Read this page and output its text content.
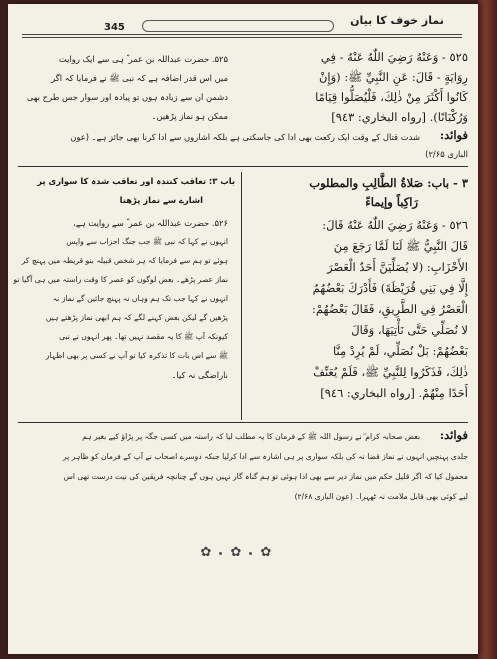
345
نماز خوف کا بیان
٥٢٥ - وَعَنْهُ رَضِيَ اللّٰهُ عَنْهُ - فِي
رِوَايَةٍ - قَالَ: عَنِ النَّبِيِّ ﷺ: (وَإِنْ
كَانُوا أَكْثَرَ مِنْ ذٰلِكَ، فَلْيُصَلُّوا قِيَامًا
وَرُكْبَانًا). [رواه البخاري: ٩٤٣]
۵۲۵. حضرت عبداللہ بن عمر ؓ ہی سے ایک روایت
میں اس قدر اضافہ ہے کہ نبی ﷺ نے فرمایا کہ اگر
دشمن ان سے زیادہ ہوں تو پیادہ اور سوار جس طرح بھی
ممکن ہو نماز پڑھیں۔
فوائد:
شدت قتال کے وقت ایک رکعت بھی ادا کی جاسکتی ہے بلکہ اشاروں سے ادا کرنا بھی جائز ہے۔ (عون
الباری ۲/۶۵)
٣ - باب: صَلاةُ الطَّالِبِ والمطلوب
رَاكِباً وإيماءً
باب ۳: تعاقب کنندہ اور تعاقب شدہ کا سواری پر
اشارے سے نماز پڑھنا
٥٢٦ - وَعَنْهُ رَضِيَ اللّٰهُ عَنْهُ قَالَ:
قَالَ النَّبِيُّ ﷺ لَنَا لَمَّا رَجَعَ مِنَ
الأَحْزَابِ: (لا يُصَلِّيَنَّ أَحَدٌ الْعَصْرَ
إِلَّا فِي بَنِي قُرَيْظَةَ) فَأَدْرَكَ بَعْضُهُمُ
الْعَصْرُ فِي الطَّرِيقِ، فَقَالَ بَعْضُهُمْ:
لا نُصَلِّي حَتَّى نَأْتِيَهَا، وَقَالَ
بَعْضُهُمْ: بَلْ نُصَلِّي، لَمْ يُرِدْ مِنَّا
ذٰلِكَ، فَذَكَرُوا لِلنَّبِيِّ ﷺ، فَلَمْ يُعَنِّفْ
أَحَدًا مِنْهُمْ. [رواه البخاري: ٩٤٦]
۵۲۶. حضرت عبداللہ بن عمر ؓ سے روایت ہے،
انہوں نے کہا کہ نبی ﷺ جب جنگ احزاب سے واپس
ہوئے تو ہم سے فرمایا کہ ہر شخص قبیلہ بنو قریظہ میں پہنچ کر
نماز عصر پڑھے۔ بعض لوگوں کو عصر کا وقت راستہ میں ہی آگیا تو
انہوں نے کہا جب تک ہم وہاں نہ پہنچ جائیں گے نماز نہ
پڑھیں گے لیکن بعض کہنے لگے کہ ہم ابھی نماز پڑھتے ہیں
کیونکہ آپ ﷺ کا یہ مقصد نہیں تھا۔ پھر انہوں نے نبی
ﷺ سے اس بات کا تذکرہ کیا تو آپ نے کسی پر بھی اظہار
ناراضگی نہ کیا۔
فوائد:
بعض صحابہ کرام ؓ نے رسول اللہ ﷺ کے فرمان کا یہ مطلب لیا کہ راستہ میں کسی جگہ پر پڑاؤ کیے بغیر ہم
جلدی پہنچیں انہوں نے نماز قضا نہ کی بلکہ سواری پر ہی اشارہ سے ادا کرلیا جبکہ دوسرے اصحاب نے آپ کے فرمان کو ظاہر پر
محمول کیا کہ اگر قلیل حکم میں نماز دیر سے بھی ادا ہوئی تو ہم گناہ گار نہیں ہوں گے چنانچہ فریقین کی نیت درست تھی اس
لیے کوئی بھی قابل ملامت نہ ٹھہرا۔ (عون الباری ۲/۶۸)
✿ ✿ ✿
